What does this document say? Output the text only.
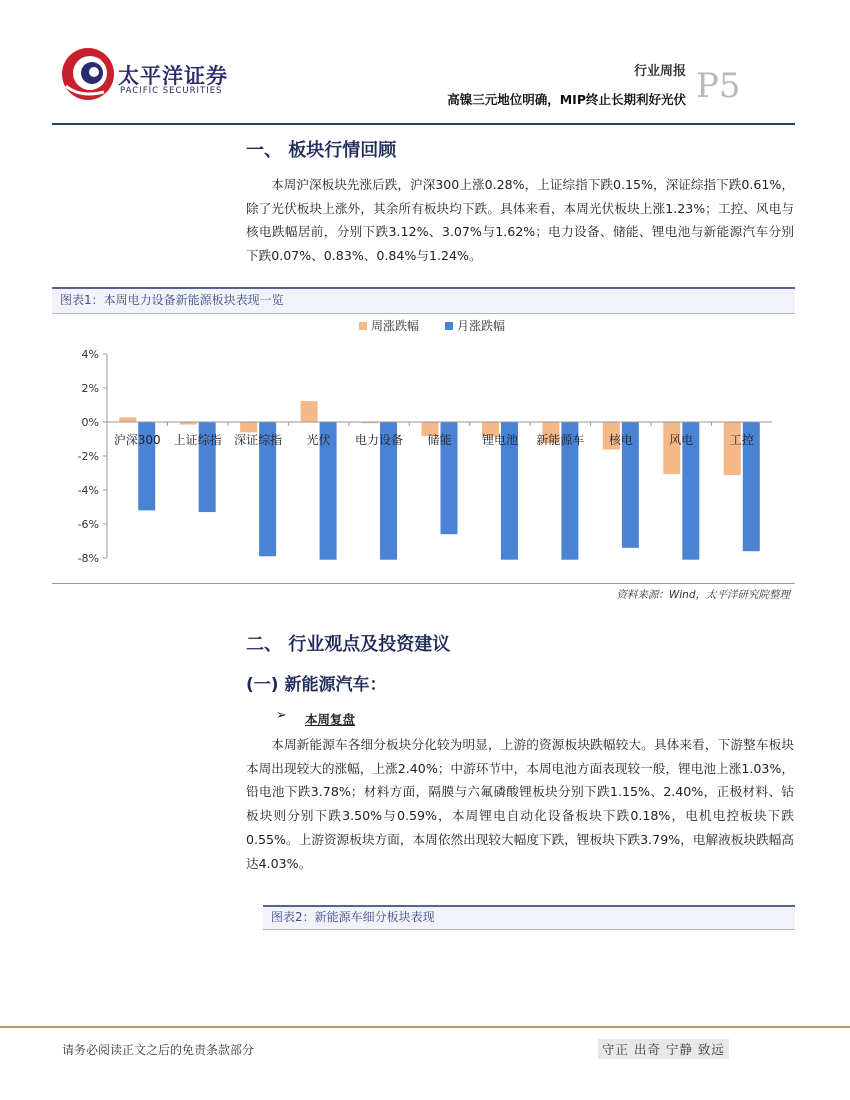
太平洋证券
PACIFIC SECURITIES
行业周报
高镍三元地位明确，MIP终止长期利好光伏 P5
一、 板块行情回顾

本周沪深板块先涨后跌，沪深300上涨0.28%，上证综指下跌0.15%，深证综指下跌0.61%，除了光伏板块上涨外，其余所有板块均下跌。具体来看，本周光伏板块上涨1.23%；工控、风电与核电跌幅居前，分别下跌3.12%、3.07%与1.62%；电力设备、储能、锂电池与新能源汽车分别下跌0.07%、0.83%、0.84%与1.24%。

图表1：本周电力设备新能源板块表现一览
周涨跌幅	月涨跌幅
4%
2%
0%
-2%
-4%
-6%
-8%
沪深300 上证综指 深证综指 光伏 电力设备 储能	锂电池 新能源车 核电	风电	工控
资料来源：Wind，太平洋研究院整理
二、 行业观点及投资建议
(一) 新能源汽车：
➢ 本周复盘

本周新能源车各细分板块分化较为明显，上游的资源板块跌幅较大。具体来看，下游整车板块本周出现较大的涨幅，上涨2.40%；中游环节中，本周电池方面表现较一般，锂电池上涨1.03%，铅电池下跌3.78%；材料方面，隔膜与六氟磷酸锂板块分别下跌1.15%、2.40%，正极材料、钴板块则分别下跌3.50%与0.59%，本周锂电自动化设备板块下跌0.18%，电机电控板块下跌0.55%。上游资源板块方面，本周依然出现较大幅度下跌，锂板块下跌3.79%，电解液板块跌幅高达4.03%。

图表2：新能源车细分板块表现
请务必阅读正文之后的免责条款部分	守正 出奇 宁静 致远
